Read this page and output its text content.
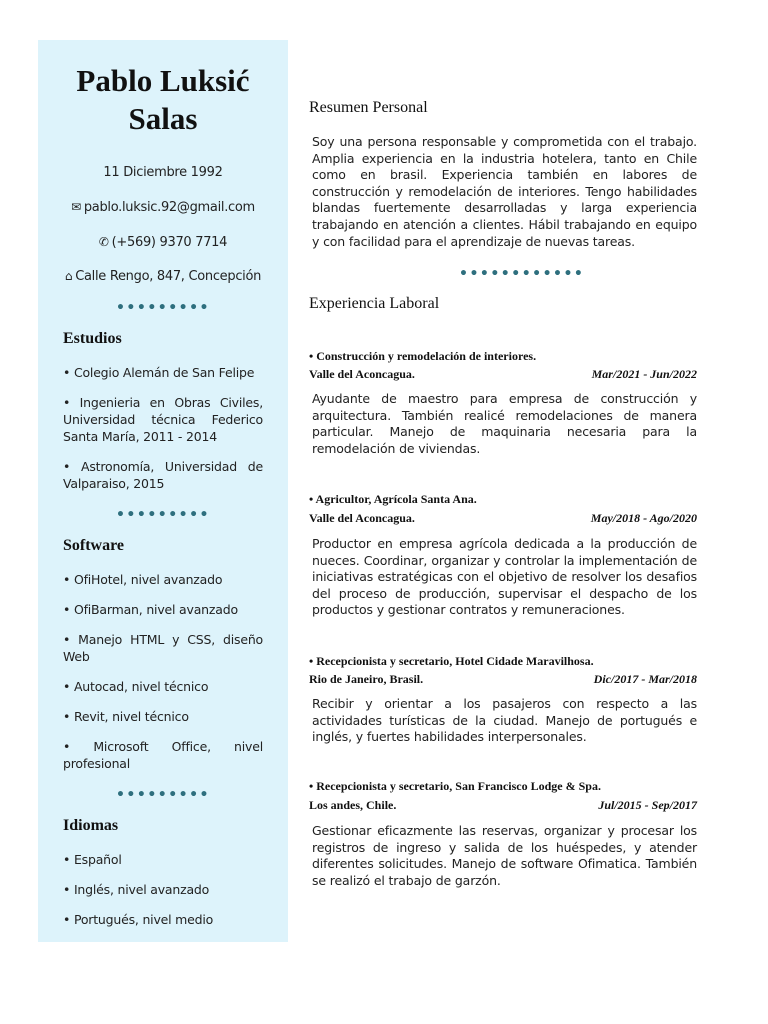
Pablo Luksić
Salas
11 Diciembre 1992
✉ pablo.luksic.92@gmail.com
✆ (+569) 9370 7714
⌂ Calle Rengo, 847, Concepción
•••••••••
Estudios
• Colegio Alemán de San Felipe
• Ingenieria en Obras Civiles, Universidad técnica Federico Santa María, 2011 - 2014
• Astronomía, Universidad de Valparaiso, 2015
•••••••••
Software
• OfiHotel, nivel avanzado
• OfiBarman, nivel avanzado
• Manejo HTML y CSS, diseño Web
• Autocad, nivel técnico
• Revit, nivel técnico
• Microsoft Office, nivel profesional
•••••••••
Idiomas
• Español
• Inglés, nivel avanzado
• Portugués, nivel medio
Resumen Personal
Soy una persona responsable y comprometida con el trabajo. Amplia experiencia en la industria hotelera, tanto en Chile como en brasil. Experiencia también en labores de construcción y remodelación de interiores. Tengo habilidades blandas fuertemente desarrolladas y larga experiencia trabajando en atención a clientes. Hábil trabajando en equipo y con facilidad para el aprendizaje de nuevas tareas.
••••••••••••
Experiencia Laboral
• Construcción y remodelación de interiores.
Valle del Aconcagua.	Mar/2021 - Jun/2022
Ayudante de maestro para empresa de construcción y arquitectura. También realicé remodelaciones de manera particular. Manejo de maquinaria necesaria para la remodelación de viviendas.
• Agricultor, Agrícola Santa Ana.
Valle del Aconcagua.	May/2018 - Ago/2020
Productor en empresa agrícola dedicada a la producción de nueces. Coordinar, organizar y controlar la implementación de iniciativas estratégicas con el objetivo de resolver los desafios del proceso de producción, supervisar el despacho de los productos y gestionar contratos y remuneraciones.
• Recepcionista y secretario, Hotel Cidade Maravilhosa.
Rio de Janeiro, Brasil.	Dic/2017 - Mar/2018
Recibir y orientar a los pasajeros con respecto a las actividades turísticas de la ciudad. Manejo de portugués e inglés, y fuertes habilidades interpersonales.
• Recepcionista y secretario, San Francisco Lodge & Spa.
Los andes, Chile.	Jul/2015 - Sep/2017
Gestionar eficazmente las reservas, organizar y procesar los registros de ingreso y salida de los huéspedes, y atender diferentes solicitudes. Manejo de software Ofimatica. También se realizó el trabajo de garzón.
